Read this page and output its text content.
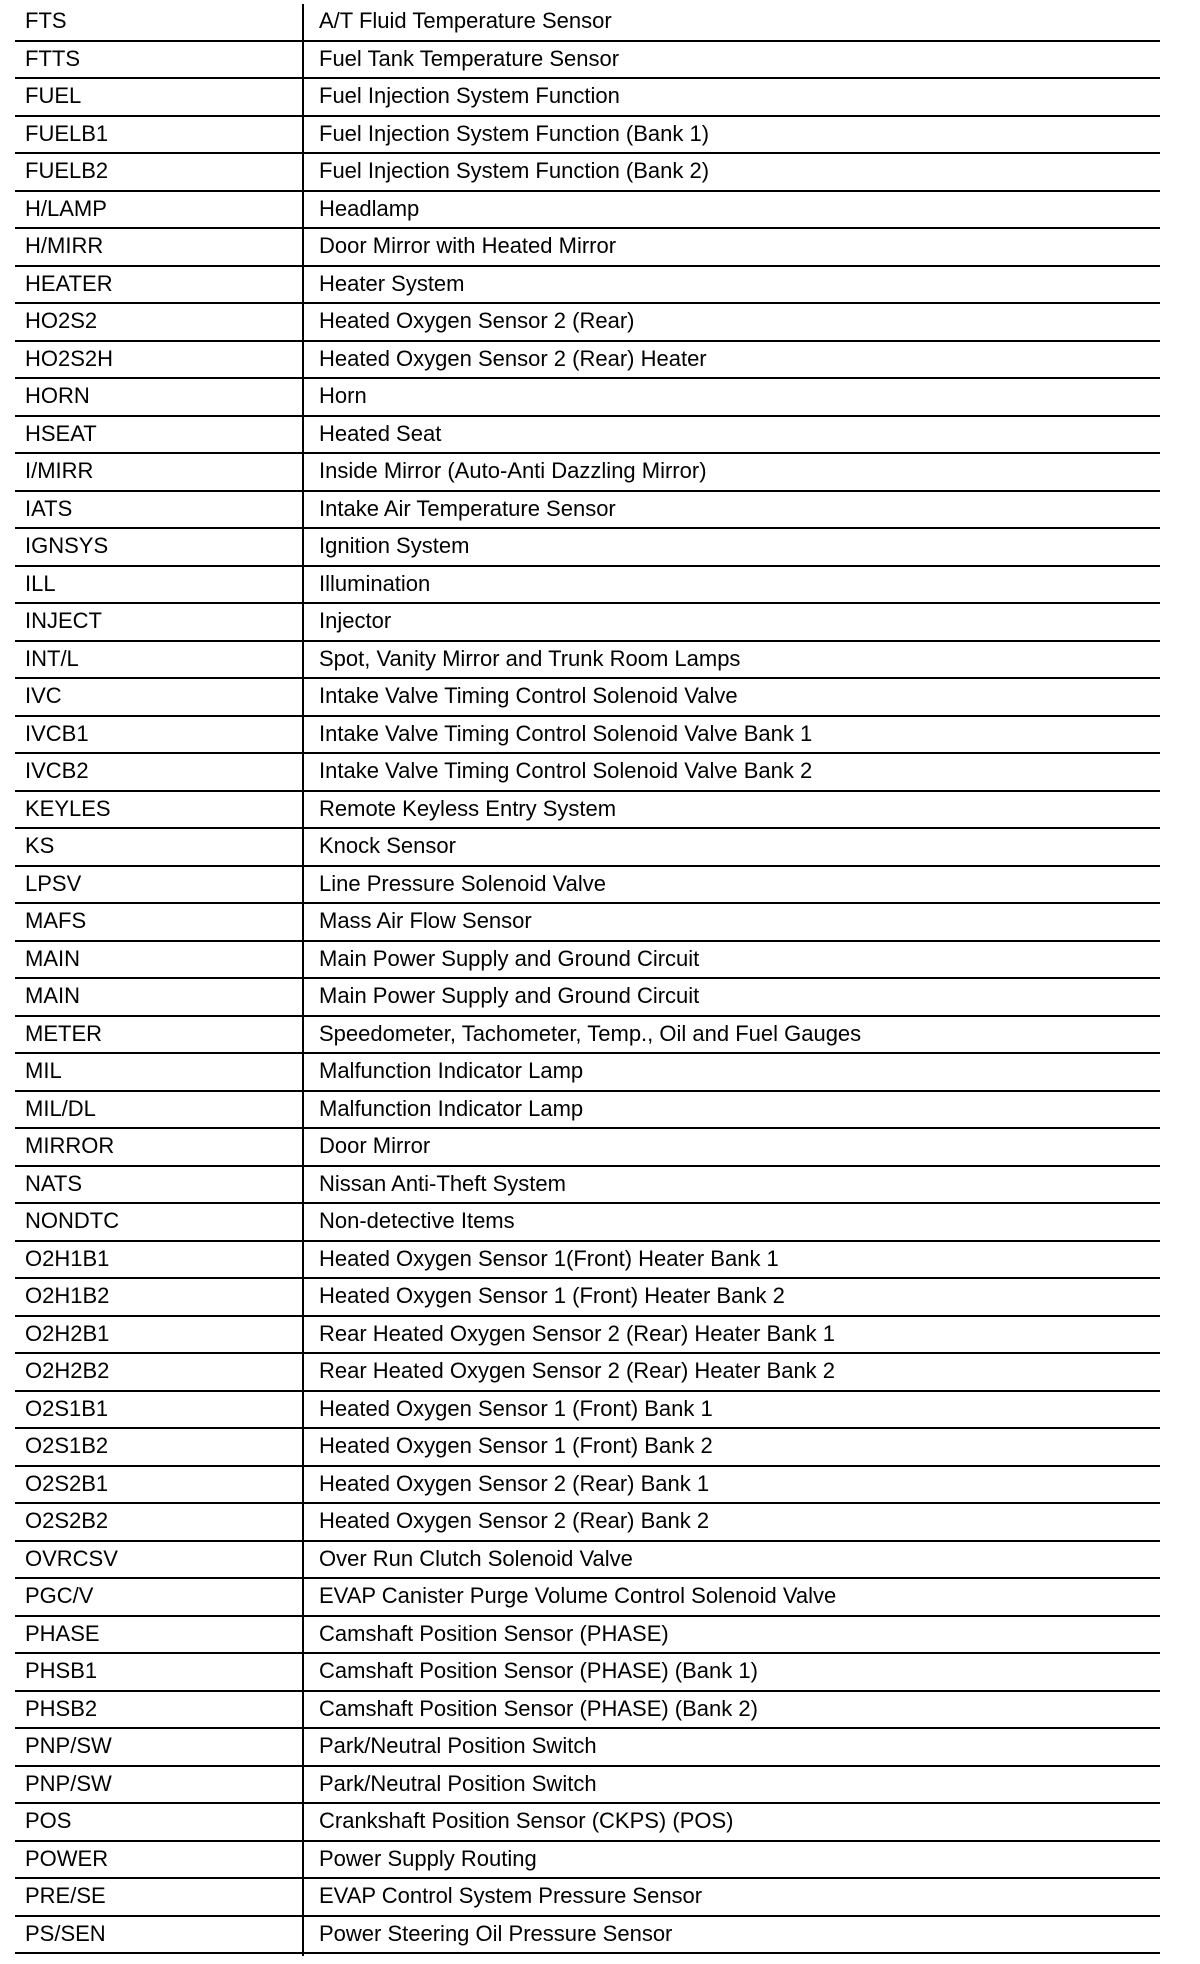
FTS	A/T Fluid Temperature Sensor
FTTS	Fuel Tank Temperature Sensor
FUEL	Fuel Injection System Function
FUELB1	Fuel Injection System Function (Bank 1)
FUELB2	Fuel Injection System Function (Bank 2)
H/LAMP	Headlamp
H/MIRR	Door Mirror with Heated Mirror
HEATER	Heater System
HO2S2	Heated Oxygen Sensor 2 (Rear)
HO2S2H	Heated Oxygen Sensor 2 (Rear) Heater
HORN	Horn
HSEAT	Heated Seat
I/MIRR	Inside Mirror (Auto-Anti Dazzling Mirror)
IATS	Intake Air Temperature Sensor
IGNSYS	Ignition System
ILL	Illumination
INJECT	Injector
INT/L	Spot, Vanity Mirror and Trunk Room Lamps
IVC	Intake Valve Timing Control Solenoid Valve
IVCB1	Intake Valve Timing Control Solenoid Valve Bank 1
IVCB2	Intake Valve Timing Control Solenoid Valve Bank 2
KEYLES	Remote Keyless Entry System
KS	Knock Sensor
LPSV	Line Pressure Solenoid Valve
MAFS	Mass Air Flow Sensor
MAIN	Main Power Supply and Ground Circuit
MAIN	Main Power Supply and Ground Circuit
METER	Speedometer, Tachometer, Temp., Oil and Fuel Gauges
MIL	Malfunction Indicator Lamp
MIL/DL	Malfunction Indicator Lamp
MIRROR	Door Mirror
NATS	Nissan Anti-Theft System
NONDTC	Non-detective Items
O2H1B1	Heated Oxygen Sensor 1(Front) Heater Bank 1
O2H1B2	Heated Oxygen Sensor 1 (Front) Heater Bank 2
O2H2B1	Rear Heated Oxygen Sensor 2 (Rear) Heater Bank 1
O2H2B2	Rear Heated Oxygen Sensor 2 (Rear) Heater Bank 2
O2S1B1	Heated Oxygen Sensor 1 (Front) Bank 1
O2S1B2	Heated Oxygen Sensor 1 (Front) Bank 2
O2S2B1	Heated Oxygen Sensor 2 (Rear) Bank 1
O2S2B2	Heated Oxygen Sensor 2 (Rear) Bank 2
OVRCSV	Over Run Clutch Solenoid Valve
PGC/V	EVAP Canister Purge Volume Control Solenoid Valve
PHASE	Camshaft Position Sensor (PHASE)
PHSB1	Camshaft Position Sensor (PHASE) (Bank 1)
PHSB2	Camshaft Position Sensor (PHASE) (Bank 2)
PNP/SW	Park/Neutral Position Switch
PNP/SW	Park/Neutral Position Switch
POS	Crankshaft Position Sensor (CKPS) (POS)
POWER	Power Supply Routing
PRE/SE	EVAP Control System Pressure Sensor
PS/SEN	Power Steering Oil Pressure Sensor
